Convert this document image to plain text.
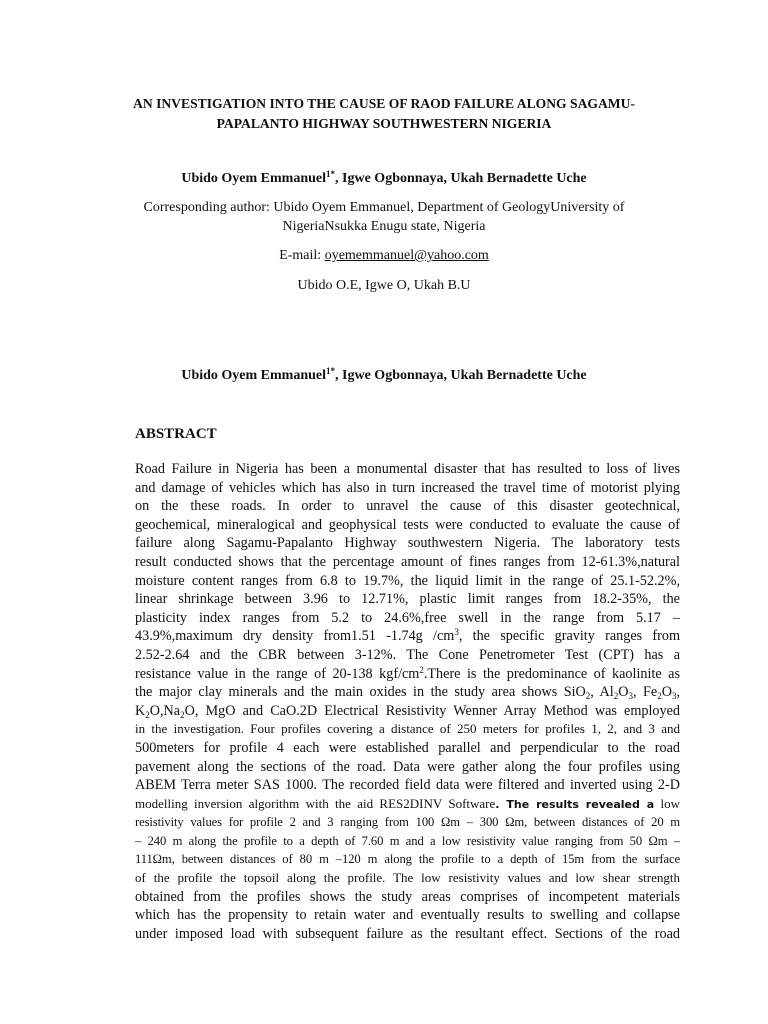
AN INVESTIGATION INTO THE CAUSE OF RAOD FAILURE ALONG SAGAMU-
PAPALANTO HIGHWAY SOUTHWESTERN NIGERIA
Ubido Oyem Emmanuel$^{1*}$, Igwe Ogbonnaya, Ukah Bernadette Uche
Corresponding author: Ubido Oyem Emmanuel, Department of GeologyUniversity of
NigeriaNsukka Enugu state, Nigeria
E-mail: oyememmanuel@yahoo.com
Ubido O.E, Igwe O, Ukah B.U
Ubido Oyem Emmanuel$^{1*}$, Igwe Ogbonnaya, Ukah Bernadette Uche
ABSTRACT
Road Failure in Nigeria has been a monumental disaster that has resulted to loss of lives
and damage of vehicles which has also in turn increased the travel time of motorist plying
on the these roads. In order to unravel the cause of this disaster geotechnical,
geochemical, mineralogical and geophysical tests were conducted to evaluate the cause of
failure along Sagamu-Papalanto Highway southwestern Nigeria. The laboratory tests
result conducted shows that the percentage amount of fines ranges from 12-61.3%,natural
moisture content ranges from 6.8 to 19.7%, the liquid limit in the range of 25.1-52.2%,
linear shrinkage between 3.96 to 12.71%, plastic limit ranges from 18.2-35%, the
plasticity index ranges from 5.2 to 24.6%,free swell in the range from 5.17 –
43.9%,maximum dry density from1.51 -1.74g $/cm^3$, the specific gravity ranges from
2.52-2.64 and the CBR between 3-12%. The Cone Penetrometer Test (CPT) has a
resistance value in the range of 20-138 kgf/$cm^2.There$ is the predominance of kaolinite as
the major clay minerals and the main oxides in the study area shows SiO$_2$, $Al_2O_3$, $Fe_2O_3$,
$K_2O,Na_2O$, MgO and CaO.2D Electrical Resistivity Wenner Array Method was employed
in the investigation. Four profiles covering a distance of 250 meters for profiles 1, 2, and 3 and
500meters for profile 4 each were established parallel and perpendicular to the road
pavement along the sections of the road. Data were gather along the four profiles using
ABEM Terra meter SAS 1000. The recorded field data were filtered and inverted using 2-D
modelling inversion algorithm with the aid RES2DINV Software. The results revealed a low
resistivity values for profile 2 and 3 ranging from 100 Ωm – 300 Ωm, between distances of 20 m
– 240 m along the profile to a depth of 7.60 m and a low resistivity value ranging from 50 Ωm –
111Ωm, between distances of 80 m –120 m along the profile to a depth of 15m from the surface
of the profile the topsoil along the profile. The low resistivity values and low shear strength
obtained from the profiles shows the study areas comprises of incompetent materials
which has the propensity to retain water and eventually results to swelling and collapse
under imposed load with subsequent failure as the resultant effect. Sections of the road
